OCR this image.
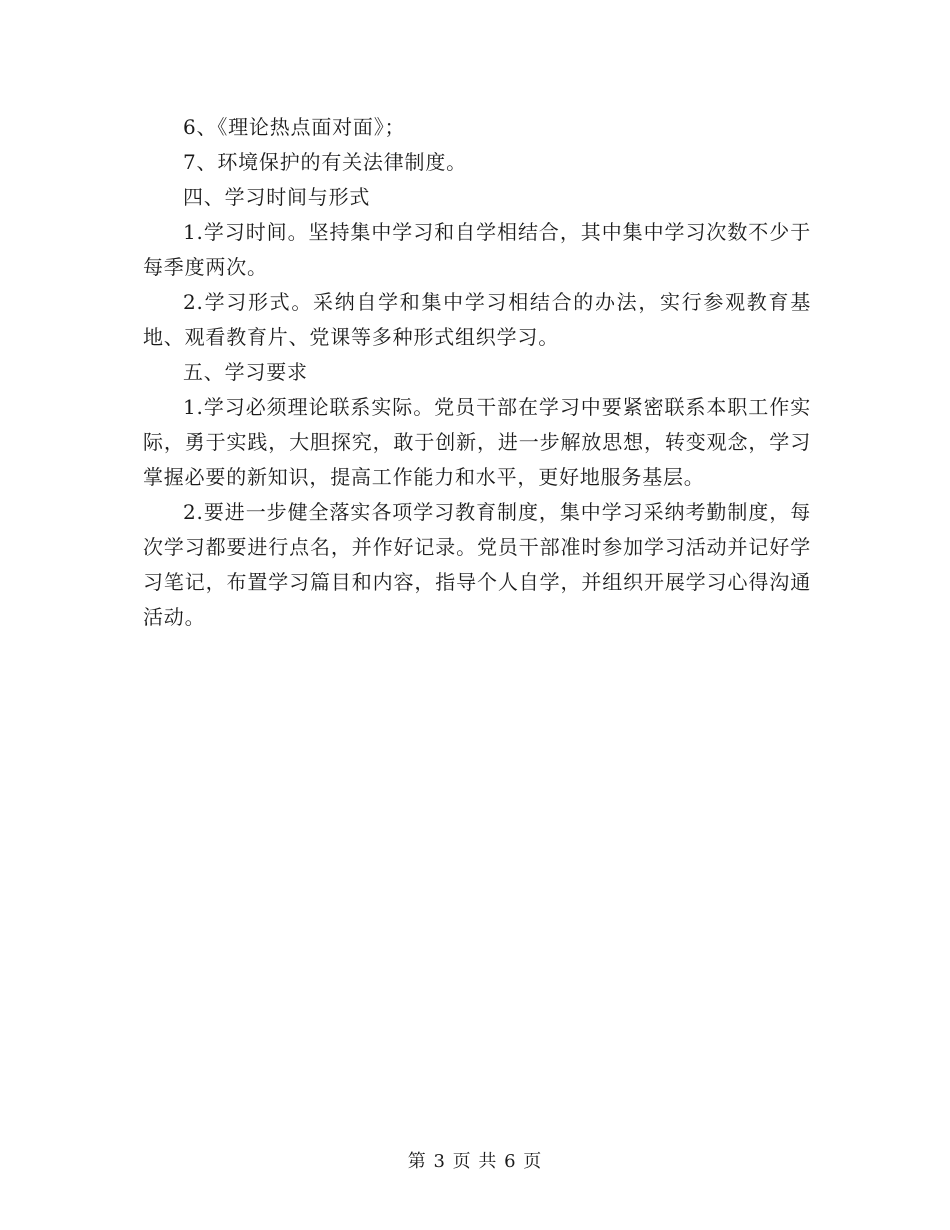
6、《理论热点面对面》；

7、环境保护的有关法律制度。

四、学习时间与形式

1.学习时间。坚持集中学习和自学相结合，其中集中学习次数不少于每季度两次。

2.学习形式。采纳自学和集中学习相结合的办法，实行参观教育基地、观看教育片、党课等多种形式组织学习。

五、学习要求

1.学习必须理论联系实际。党员干部在学习中要紧密联系本职工作实际，勇于实践，大胆探究，敢于创新，进一步解放思想，转变观念，学习掌握必要的新知识，提高工作能力和水平，更好地服务基层。

2.要进一步健全落实各项学习教育制度，集中学习采纳考勤制度，每次学习都要进行点名，并作好记录。党员干部准时参加学习活动并记好学习笔记，布置学习篇目和内容，指导个人自学，并组织开展学习心得沟通活动。

第 3 页 共 6 页
